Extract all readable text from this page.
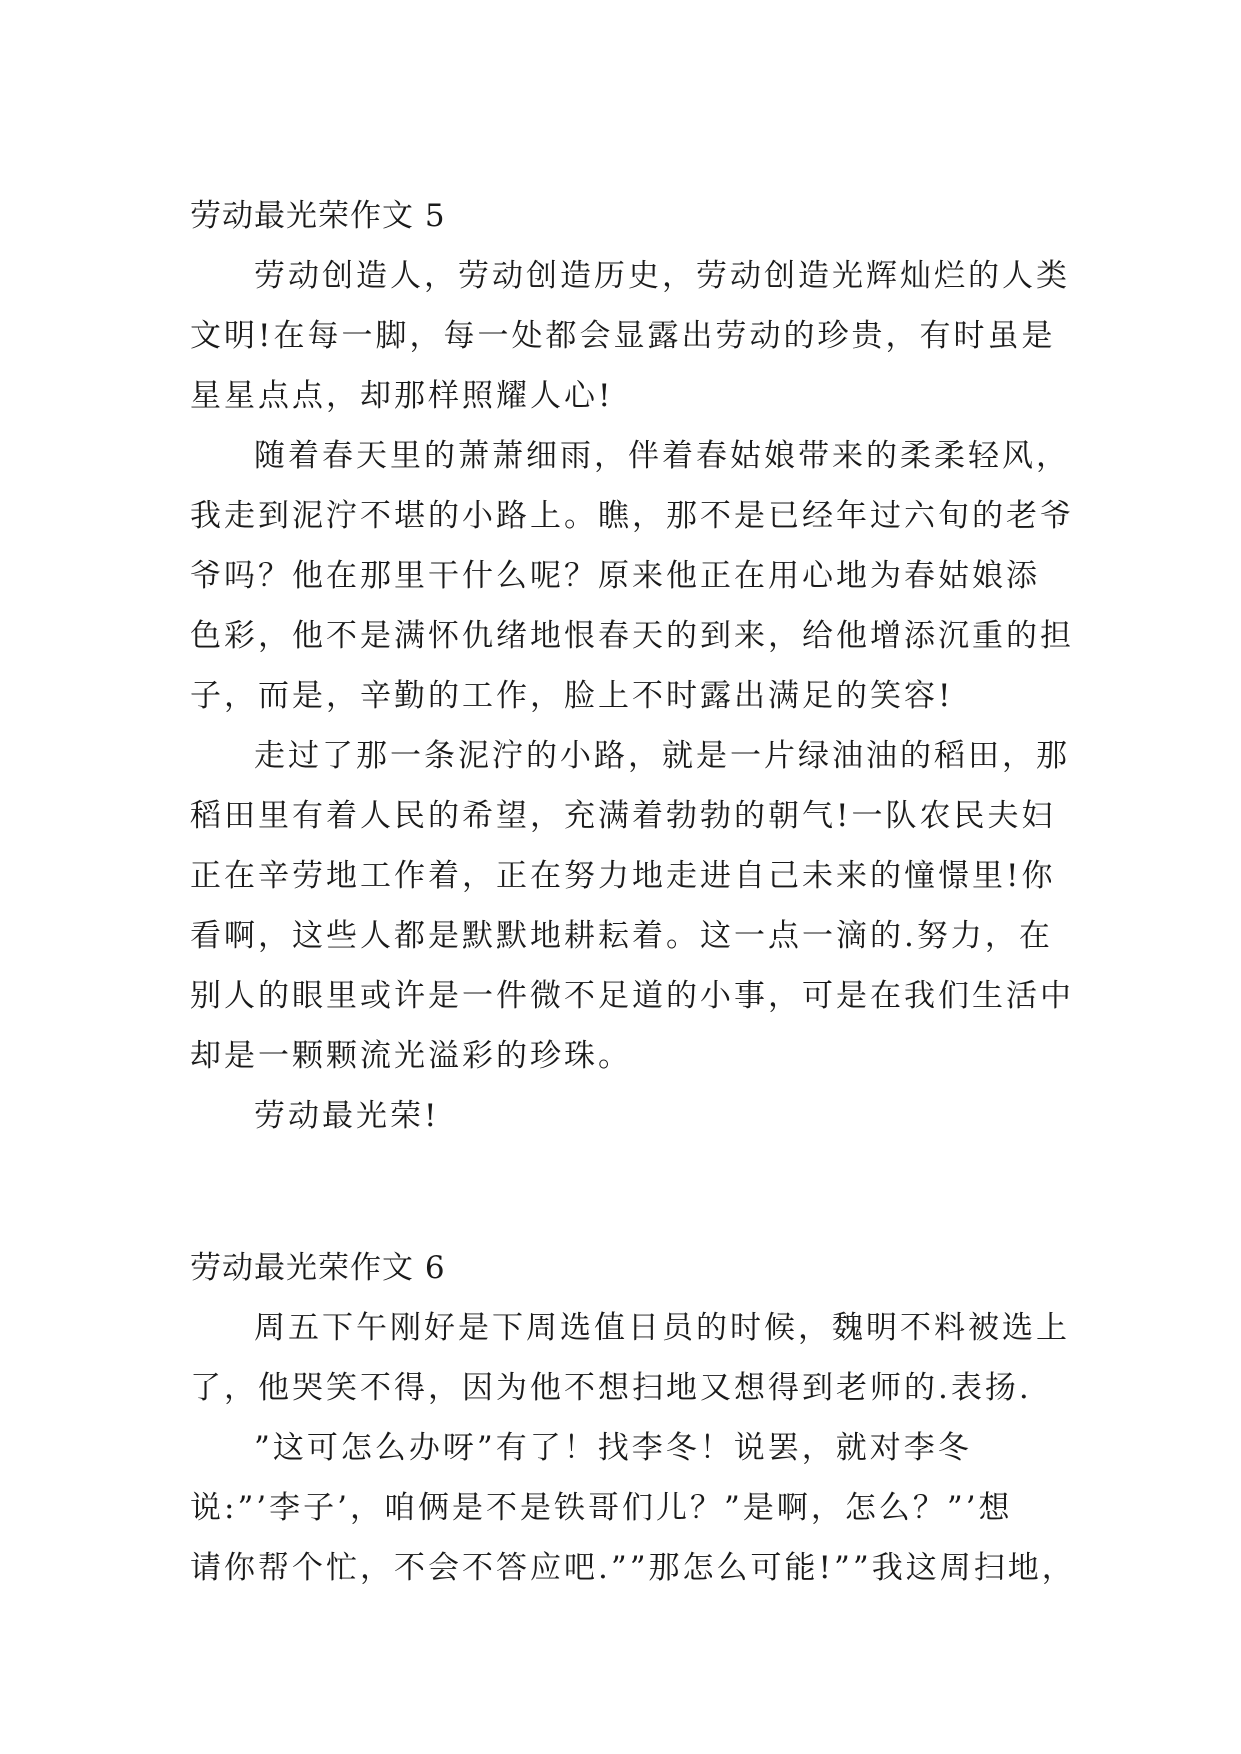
劳动最光荣作文 5
劳动创造人，劳动创造历史，劳动创造光辉灿烂的人类
文明!在每一脚，每一处都会显露出劳动的珍贵，有时虽是
星星点点，却那样照耀人心!
随着春天里的萧萧细雨，伴着春姑娘带来的柔柔轻风，
我走到泥泞不堪的小路上。瞧，那不是已经年过六旬的老爷
爷吗？他在那里干什么呢？原来他正在用心地为春姑娘添
色彩，他不是满怀仇绪地恨春天的到来，给他增添沉重的担
子，而是，辛勤的工作，脸上不时露出满足的笑容!
走过了那一条泥泞的小路，就是一片绿油油的稻田，那
稻田里有着人民的希望，充满着勃勃的朝气!一队农民夫妇
正在辛劳地工作着，正在努力地走进自己未来的憧憬里!你
看啊，这些人都是默默地耕耘着。这一点一滴的.努力，在
别人的眼里或许是一件微不足道的小事，可是在我们生活中
却是一颗颗流光溢彩的珍珠。
劳动最光荣!
劳动最光荣作文 6
周五下午刚好是下周选值日员的时候，魏明不料被选上
了，他哭笑不得，因为他不想扫地又想得到老师的.表扬.
”这可怎么办呀”有了！找李冬！说罢，就对李冬
说:”’李子’，咱俩是不是铁哥们儿？”是啊，怎么？”’想
请你帮个忙，不会不答应吧.””那怎么可能!””我这周扫地，
